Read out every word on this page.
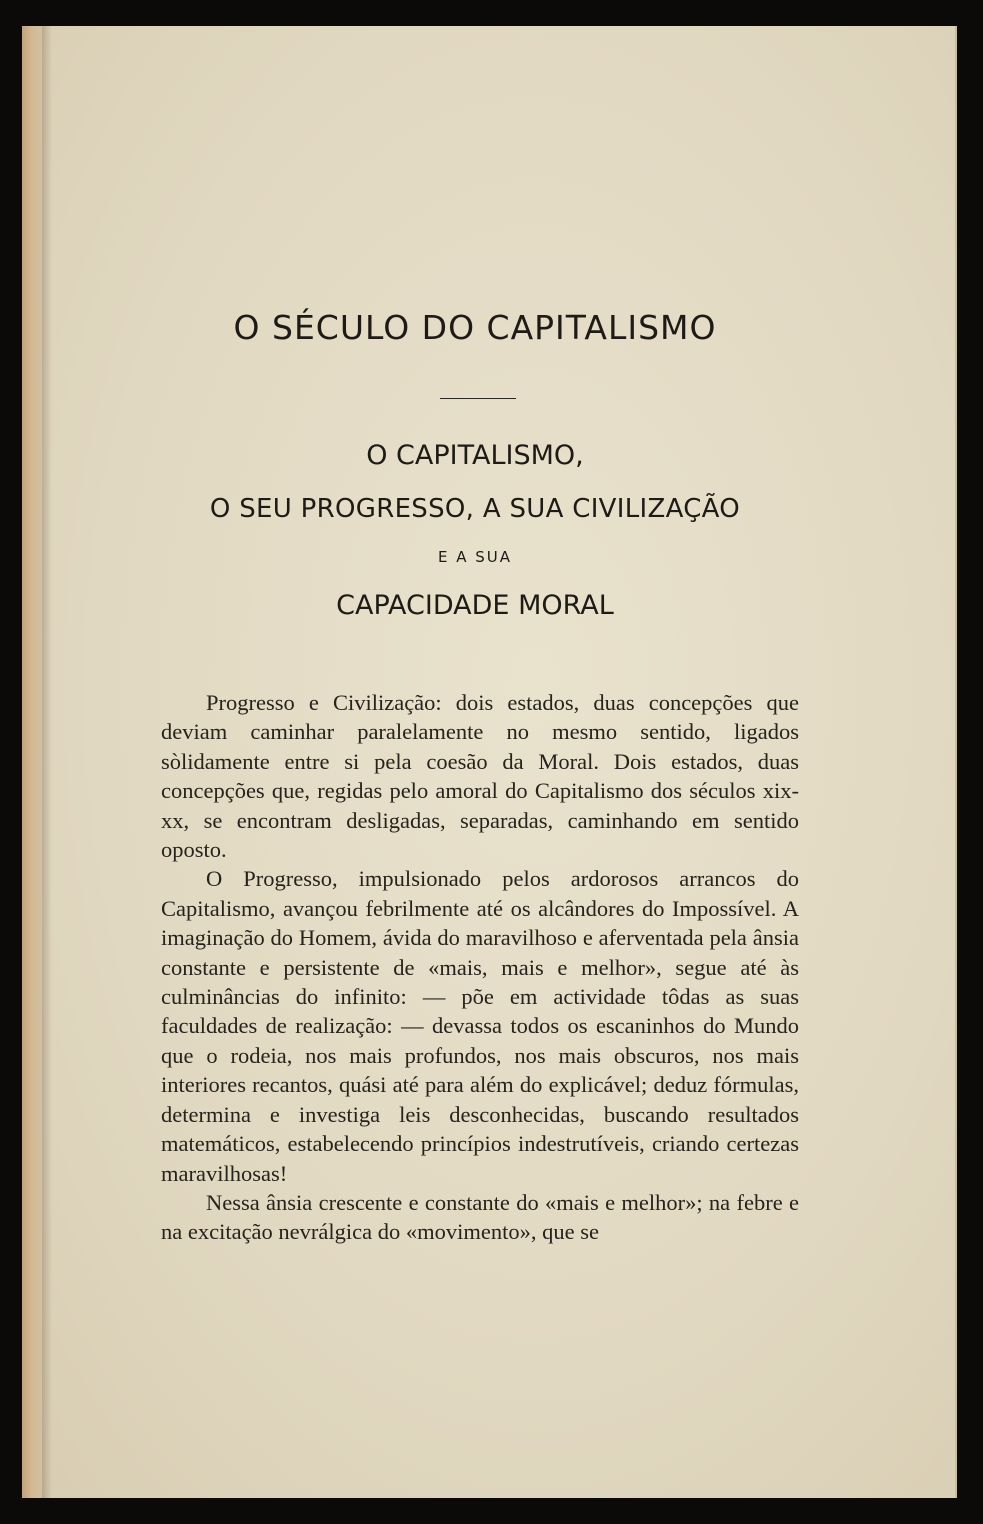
O SÉCULO DO CAPITALISMO
O CAPITALISMO,
O SEU PROGRESSO, A SUA CIVILIZAÇÃO
E A SUA
CAPACIDADE MORAL

Progresso e Civilização: dois estados, duas concepções que deviam caminhar paralelamente no mesmo sentido, ligados sòlidamente entre si pela coesão da Moral. Dois estados, duas concepções que, regidas pelo amoral do Capitalismo dos séculos xix-xx, se encontram desligadas, separadas, caminhando em sentido oposto.

O Progresso, impulsionado pelos ardorosos arrancos do Capitalismo, avançou febrilmente até os alcândores do Impossível. A imaginação do Homem, ávida do maravilhoso e aferventada pela ânsia constante e persistente de «mais, mais e melhor», segue até às culminâncias do infinito: — põe em actividade tôdas as suas faculdades de realização: — devassa todos os escaninhos do Mundo que o rodeia, nos mais profundos, nos mais obscuros, nos mais interiores recantos, quási até para além do explicável; deduz fórmulas, determina e investiga leis desconhecidas, buscando resultados matemáticos, estabelecendo princípios indestrutíveis, criando certezas maravilhosas!

Nessa ânsia crescente e constante do «mais e melhor»; na febre e na excitação nevrálgica do «movimento», que se
